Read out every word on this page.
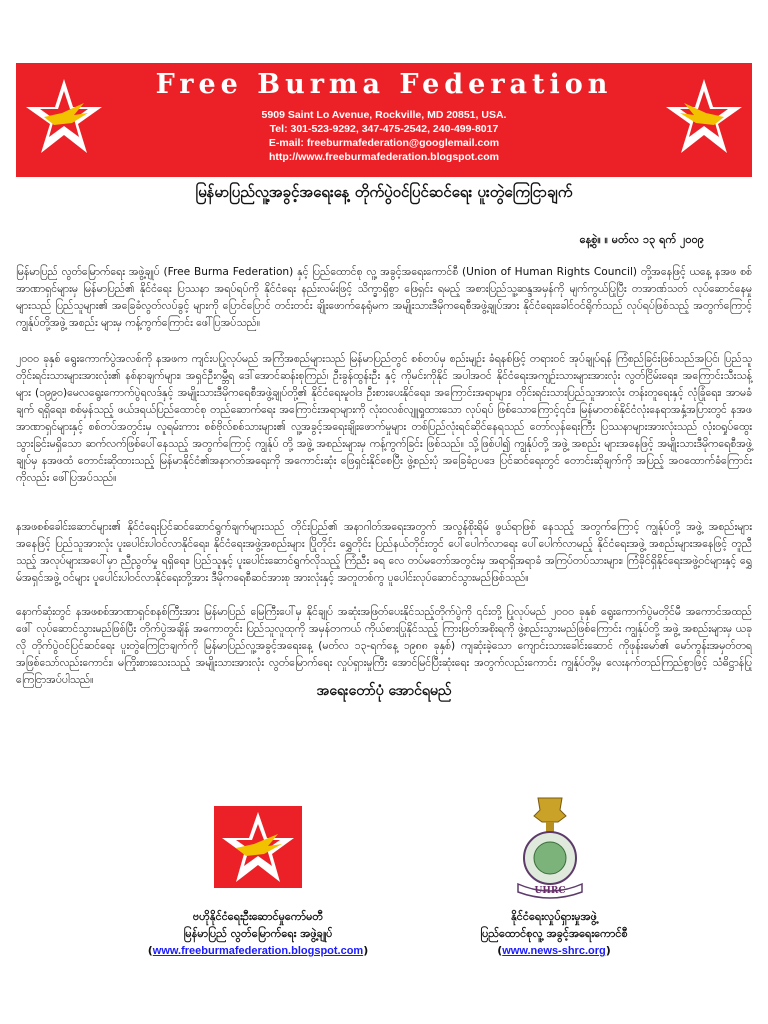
Free Burma Federation
5909 Saint Lo Avenue, Rockville, MD 20851, USA.
Tel: 301-523-9292, 347-475-2542, 240-499-8017
E-mail: freeburmafederation@googlemail.com
http://www.freeburmafederation.blogspot.com
မြန်မာပြည်လူ့အခွင့်အရေးနေ့ တိုက်ပွဲဝင်ပြင်ဆင်ရေး ပူးတွဲကြေငြာချက်
နေ့စွဲ။ ။ မတ်လ ၁၃ ရက် ၂၀၀၉

မြန်မာပြည် လွတ်မြောက်ရေး အဖွဲ့ချုပ် (Free Burma Federation) နှင့် ပြည်ထောင်စု လူ့ အခွင့်အရေးကောင်စီ (Union of Human Rights Council) တို့အနေဖြင့် ယနေ့ နအဖ စစ်အာဏာရှင်များမှ မြန်မာပြည်၏ နိုင်ငံရေး ပြဿနာ အရပ်ရပ်ကို နိုင်ငံရေး နည်းလမ်းဖြင့် သိက္ခာရှိစွာ ဖြေရှင်း ရမည့် အစားပြည်သူ့ဆန္ဒအမှန်ကို မျက်ကွယ်ပြုပြီး တအာဏ်သတ် လုပ်ဆောင်နေမှုများသည် ပြည်သူများ၏ အခြေခံလွတ်လပ်ခွင့် များကို ပြောင်ပြောင် တင်းတင်း ချိုးဖောက်နေရုံမက အမျိုးသားဒီမိုကရေစီအဖွဲ့ချုပ်အား နိုင်ငံရေးခေါင်ဝင်ရိုက်သည် လုပ်ရပ်ဖြစ်သည့် အတွက်ကြောင့် ကျွန်ုပ်တို့အဖွဲ့ အစည်း များမှ ကန့်ကွက်ကြောင်း ဖေါ်ပြအပ်သည်။

၂၀၀၀ ခုနှစ် ရွေးကောက်ပွဲအလစ်ကို နအဖက ကျင်းပပြုလုပ်မည် အကြံအစည်များသည် မြန်မာပြည်တွင် စစ်တပ်မှ စည်းမျဉ်း ခံရနစ်ဖြင့် တရားဝင် အုပ်ချုပ်ရန် ကြံစည်ခြင်းဖြစ်သည်အပြင်၊ ပြည်သူတိုင်းရင်းသားများအားလုံး၏ နစ်နာချက်များ၊ အရှင်ဦးဂမ္ဘီရ ဒေါ်အောင်ဆန်းစုကြည်၊ ဦးခွန်ထွန်းဦး နှင့် ကိုမင်းကိုနိုင် အပါအဝင် နိုင်ငံရေးအကျဉ်းသားများအားလုံး လွတ်ငြိမ်းရေး၊ အကြောင်းသီးသန့်များ (၁၉၉၀)မေလရွေးကောက်ပွဲရလဒ်နှင့် အမျိုးသားဒီမိုကရေစီအဖွဲ့ချုပ်တို့၏ နိုင်ငံရေးမူဝါဒ ဦးစားပေးနိုင်ရေး၊ အကြောင်းအရာများ၊ တိုင်းရင်းသားပြည်သူအားလုံး တန်းတူရေးနှင့် လုံခြုံရေး၊ အာမခံချက် ရရှိရေး၊ စစ်မှန်သည့် ဖယ်ဒရယ်ပြည်ထောင်စု တည်ဆောက်ရေး အကြောင်းအရာများကို လုံးဝလစ်လျူရှုထားသော လုပ်ရပ် ဖြစ်သောကြောင့်၎င်း၊ မြန်မာတစ်နိုင်ငံလုံးနေရာအနှံ့အပြားတွင် နအဖအာဏာရှင်များနှင့် စစ်တပ်အတွင်းမှ လူရမ်းကား စစ်ဗိုလ်စစ်သားများ၏ လူ့အခွင့်အရေးချိုးဖောက်မှုများ တစ်ပြည်လုံးရင်ဆိုင်နေရသည် တော်လှန်ရေးကြီး ပြဿနာများအားလုံးသည် လုံးဝရှုပ်ထွေးသွားခြင်းမရှိသော ဆက်လက်ဖြစ်ပေါ်နေသည့် အတွက်ကြောင့် ကျွန်ုပ် တို့ အဖွဲ့ အစည်းများမှ ကန့်ကွက်ခြင်း ဖြစ်သည်။ သို့ဖြစ်ပါ၍ ကျွန်ုပ်တို့ အဖွဲ့ အစည်း များအနေဖြင့် အမျိုးသားဒီမိုကရေစီအဖွဲ့ချုပ်မှ နအဖထံ တောင်းဆိုထားသည့် မြန်မာနိုင်ငံ၏အနာဂတ်အရေးကို အကောင်းဆုံး ဖြေရှင်းနိုင်စေပြီး ဖွဲ့စည်းပုံ အခြေခံဥပဒေ ပြင်ဆင်ရေးတွင် တောင်းဆိုချက်ကို အပြည့် အဝထောက်ခံကြောင်း ကိုလည်း ဖေါ်ပြအပ်သည်။

နအဖစစ်ခေါင်းဆောင်များ၏ နိုင်ငံရေးပြင်ဆင်ဆောင်ရွက်ချက်များသည် တိုင်းပြည်၏ အနာဂါတ်အရေးအတွက် အလွန်စိုးရိမ် ဖွယ်ရာဖြစ် နေသည့် အတွက်ကြောင့် ကျွန်ုပ်တို့ အဖွဲ့ အစည်းများ အနေဖြင့် ပြည်သူအားလုံး ပူးပေါင်းပါဝင်လာနိုင်ရေး၊ နိုင်ငံရေးအဖွဲ့အစည်းများ ပြိုတိုင်း ရွှေတိုင်း ပြည်နယ်တိုင်းတွင် ပေါ်ပေါက်လာရေး ပေါ်ပေါက်လာမည့် နိုင်ငံရေးအဖွဲ့ အစည်းများအနေဖြင့် တူညီသည့် အလုပ်များအပေါ်မှာ ညီညွတ်မှု ရရှိရေး၊ ပြည်သူနှင့် ပူးပေါင်းဆောင်ရွက်လိုသည့် ကြံညီး ခရ လေ တပ်မတော်အတွင်းမှ အရာရှိအရာခံ အကြပ်တပ်သားများ၊ ကြံခိုင်ရှိနိုင်ရေးအဖွဲ့ဝင်များနှင့် ရွှေမ်အရှင်အဖွဲ့ ဝင်များ ပူပေါင်းပါဝင်လာနိုင်ရေးတို့အား ဒီမိုကရေစီဆင်အားစု အားလုံးနှင့် အတူတစ်ကွ ပူပေါင်းလုပ်ဆောင်သွားမည်ဖြစ်သည်။

နောက်ဆုံးတွင် နအဖစစ်အာဏာရှင်စနစ်ကြီးအား မြန်မာပြည် မြေကြီးပေါ်မှ နိုင်ချုပ် အဆုံးအဖြတ်ပေးနိုင်သည့်တိုက်ပွဲကို ၎င်းတို့ ပြုလုပ်မည် ၂၀၀၀ ခုနှစ် ရွေးကောက်ပွဲမတိုင်မီ အကောင်အထည်ဖေါ် လုပ်ဆောင်သွားမည်ဖြစ်ပြီး တိုက်ပွဲအချိန် အကောတွင်း ပြည်သူလူထုကို အမှန်တကယ် ကိုယ်စားပြုနိုင်သည့် ကြားဖြတ်အစိုးရကို ဖွဲ့စည်းသွားမည်ဖြစ်ကြောင်း ကျွန်ုပ်တို့ အဖွဲ့ အစည်းများမှ ယခုလို တိုက်ပွဲဝင်ပြင်ဆင်ရေး ပူးတွဲကြေငြာချက်ကို မြန်မာပြည်လူ့အခွင့်အရေးနေ့ (မတ်လ ၁၃-ရက်နေ့ ၁၉၈၈ ခုနှစ်) ကျဆုံးခဲ့သော ကျောင်းသားခေါင်းဆောင် ကိုဖုန်းမော်၏ မော်ကွန်းအမှတ်တရ အဖြစ်သော်လည်းကောင်း၊ မကြိုးစားသေးသည့် အမျိုးသားအားလုံး လွတ်မြောက်ရေး လှုပ်ရှားမှုကြီး အောင်မြင်ပြီးဆုံးရေး အတွက်လည်းကောင်း ကျွန်ုပ်တို့မှ လေးနက်တည်ကြည်စွာဖြင့် သံဓိဋ္ဌာန်ပြု ကြေငြာအပ်ပါသည်။

အရေးတော်ပုံ အောင်ရမည်
UHRC
ဗဟိုနိုင်ငံရေးဦးဆောင်မှုကော်မတီ
မြန်မာပြည် လွတ်မြောက်ရေး အဖွဲ့ချုပ်
(www.freeburmafederation.blogspot.com)
နိုင်ငံရေးလှုပ်ရှားမှုအဖွဲ့
ပြည်ထောင်စုလူ့ အခွင့်အရေးကောင်စီ
(www.news-shrc.org)
